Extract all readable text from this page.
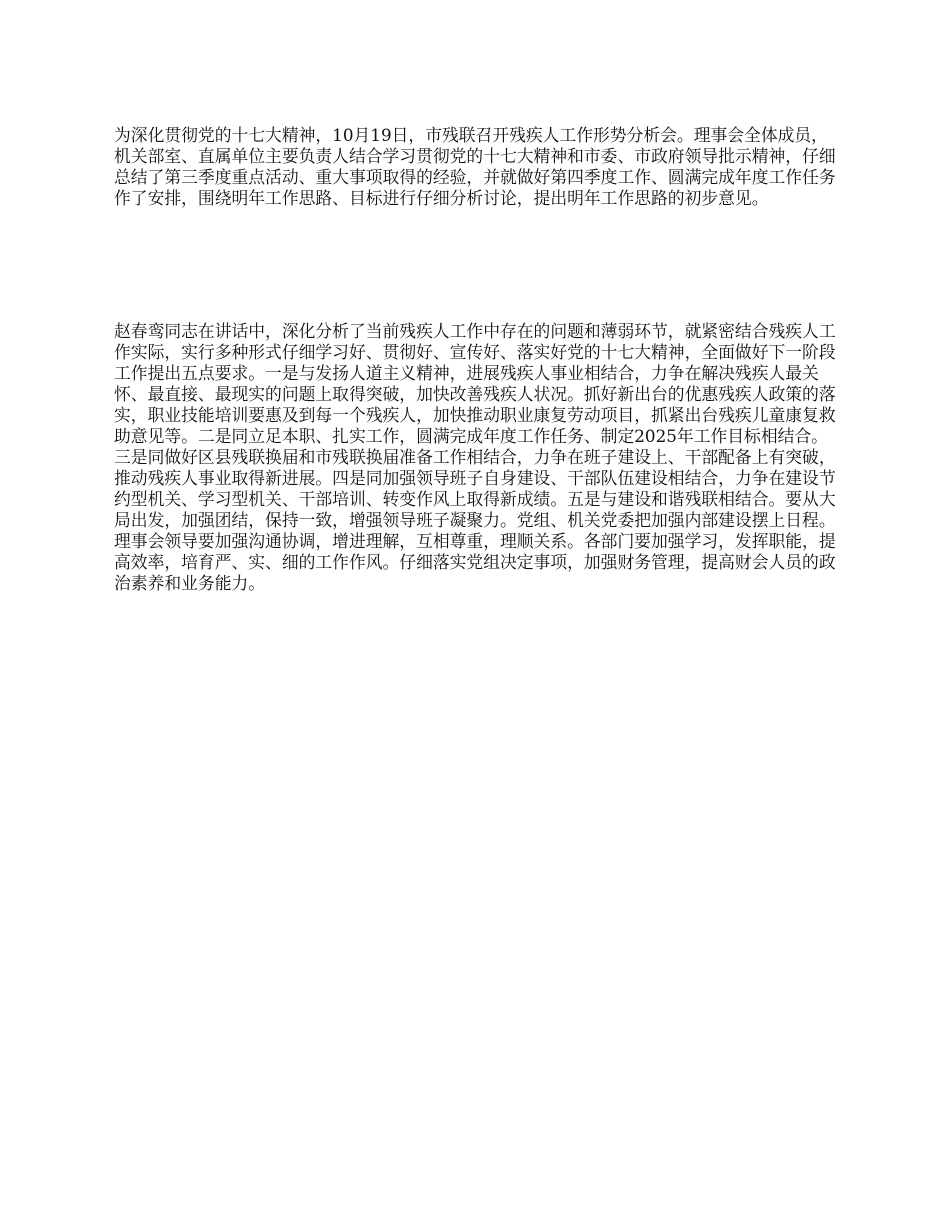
为深化贯彻党的十七大精神，10月19日，市残联召开残疾人工作形势分析会。理事会全体成员，机关部室、直属单位主要负责人结合学习贯彻党的十七大精神和市委、市政府领导批示精神，仔细总结了第三季度重点活动、重大事项取得的经验，并就做好第四季度工作、圆满完成年度工作任务作了安排，围绕明年工作思路、目标进行仔细分析讨论，提出明年工作思路的初步意见。

赵春鸾同志在讲话中，深化分析了当前残疾人工作中存在的问题和薄弱环节，就紧密结合残疾人工作实际，实行多种形式仔细学习好、贯彻好、宣传好、落实好党的十七大精神，全面做好下一阶段工作提出五点要求。一是与发扬人道主义精神，进展残疾人事业相结合，力争在解决残疾人最关怀、最直接、最现实的问题上取得突破，加快改善残疾人状况。抓好新出台的优惠残疾人政策的落实，职业技能培训要惠及到每一个残疾人，加快推动职业康复劳动项目，抓紧出台残疾儿童康复救助意见等。二是同立足本职、扎实工作，圆满完成年度工作任务、制定2025年工作目标相结合。三是同做好区县残联换届和市残联换届准备工作相结合，力争在班子建设上、干部配备上有突破，推动残疾人事业取得新进展。四是同加强领导班子自身建设、干部队伍建设相结合，力争在建设节约型机关、学习型机关、干部培训、转变作风上取得新成绩。五是与建设和谐残联相结合。要从大局出发，加强团结，保持一致，增强领导班子凝聚力。党组、机关党委把加强内部建设摆上日程。理事会领导要加强沟通协调，增进理解，互相尊重，理顺关系。各部门要加强学习，发挥职能，提高效率，培育严、实、细的工作作风。仔细落实党组决定事项，加强财务管理，提高财会人员的政治素养和业务能力。
